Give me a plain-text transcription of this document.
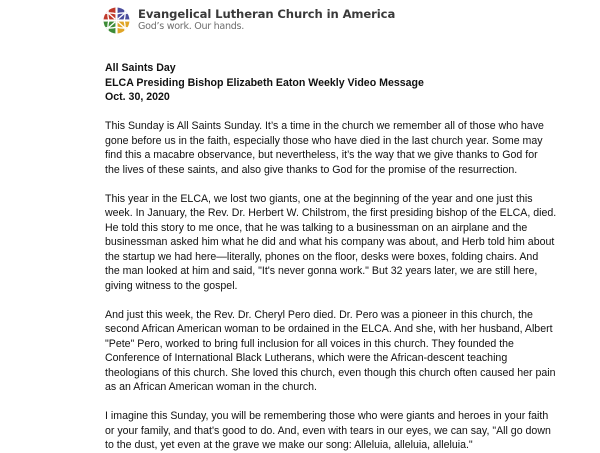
Evangelical Lutheran Church in America
God’s work. Our hands.
All Saints Day
ELCA Presiding Bishop Elizabeth Eaton Weekly Video Message
Oct. 30, 2020

This Sunday is All Saints Sunday. It’s a time in the church we remember all of those who have
gone before us in the faith, especially those who have died in the last church year. Some may
find this a macabre observance, but nevertheless, it’s the way that we give thanks to God for
the lives of these saints, and also give thanks to God for the promise of the resurrection.

This year in the ELCA, we lost two giants, one at the beginning of the year and one just this
week. In January, the Rev. Dr. Herbert W. Chilstrom, the first presiding bishop of the ELCA, died.
He told this story to me once, that he was talking to a businessman on an airplane and the
businessman asked him what he did and what his company was about, and Herb told him about
the startup we had here—literally, phones on the floor, desks were boxes, folding chairs. And
the man looked at him and said, "It's never gonna work." But 32 years later, we are still here,
giving witness to the gospel.

And just this week, the Rev. Dr. Cheryl Pero died. Dr. Pero was a pioneer in this church, the
second African American woman to be ordained in the ELCA. And she, with her husband, Albert
"Pete" Pero, worked to bring full inclusion for all voices in this church. They founded the
Conference of International Black Lutherans, which were the African-descent teaching
theologians of this church. She loved this church, even though this church often caused her pain
as an African American woman in the church.

I imagine this Sunday, you will be remembering those who were giants and heroes in your faith
or your family, and that's good to do. And, even with tears in our eyes, we can say, "All go down
to the dust, yet even at the grave we make our song: Alleluia, alleluia, alleluia."
